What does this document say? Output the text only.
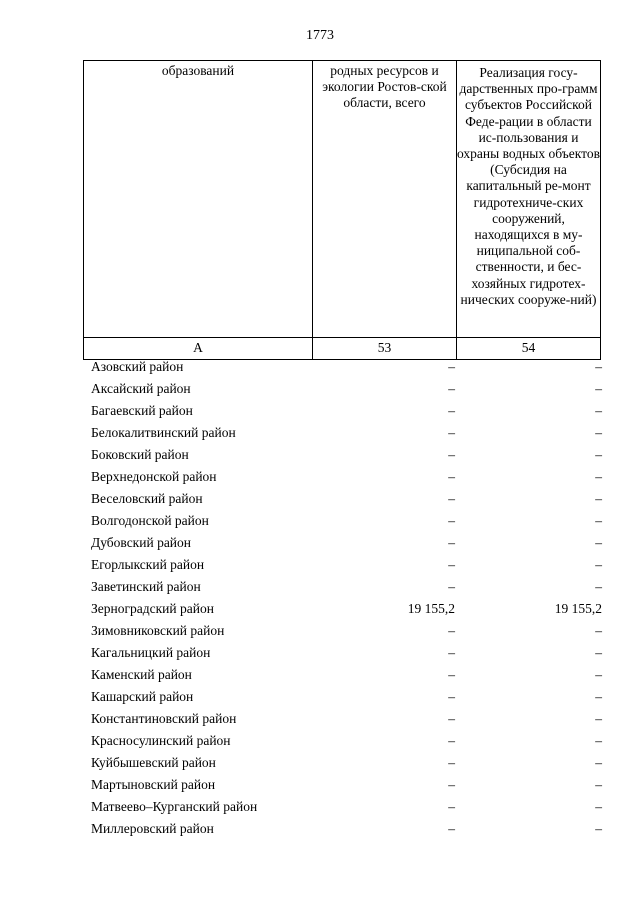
1773
образований	родных ресурсов и экологии Ростов-ской области, всего	Реализация госу-дарственных про-грамм субъектов Российской Феде-рации в области ис-пользования и охраны водных объектов (Субсидия на капитальный ре-монт гидротехниче-ских сооружений, находящихся в му-ниципальной соб-ственности, и бес-хозяйных гидротех-нических сооруже-ний)
А	53	54
Азовский район	–	–
Аксайский район	–	–
Багаевский район	–	–
Белокалитвинский район	–	–
Боковский район	–	–
Верхнедонской район	–	–
Веселовский район	–	–
Волгодонской район	–	–
Дубовский район	–	–
Егорлыкский район	–	–
Заветинский район	–	–
Зерноградский район	19 155,2	19 155,2
Зимовниковский район	–	–
Кагальницкий район	–	–
Каменский район	–	–
Кашарский район	–	–
Константиновский район	–	–
Красносулинский район	–	–
Куйбышевский район	–	–
Мартыновский район	–	–
Матвеево–Курганский район	–	–
Миллеровский район	–	–
